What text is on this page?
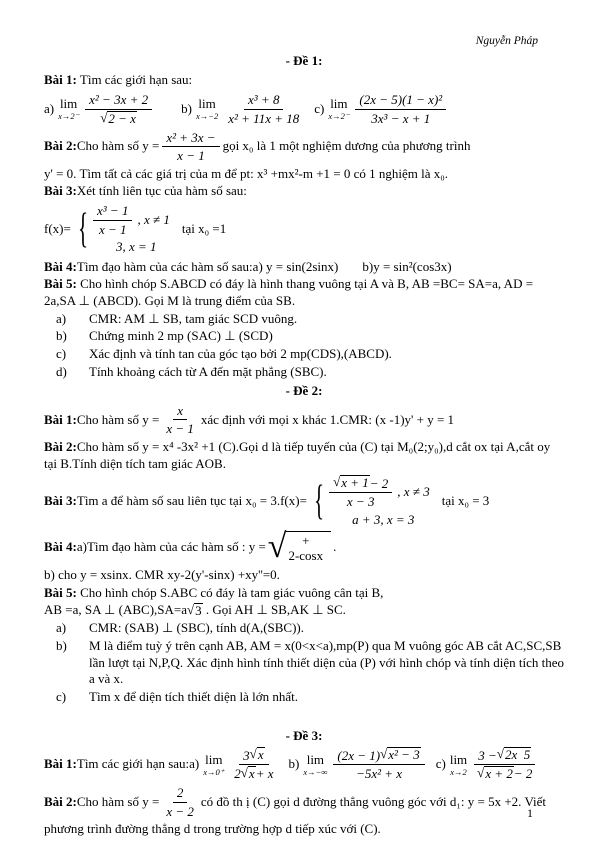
Nguyễn Pháp
- Đề 1:
Bài 1: Tìm các giới hạn sau:
a) lim
$x\to 2^- \frac{\text{x² − 3x + 2}}{√ 2 - x} b$) lim
$x\to-2 \frac{\text{x³ + 8}}{\text{x² + 11x + 18}} c$) lim
$x\to 2^- \frac{\text{(2x − 5)(1 − x)²}}{\text{3x³ − x + 1}}$
Bài 2: Cho hàm số $y = \frac{\text{x² + 3x −}}{x - 1}$ gọi x₀ là 1 một nghiệm dương của phương trình
y' = 0. Tìm tất cả các giá trị của m để pt: x³ +mx²-m +1 = 0 có 1 nghiệm là x₀.
Bài 3:Xét tính liên tục của hàm số sau:
f(x)= { $\frac{\text{x³ − 1}}{x - 1}$ , x ≠ 1
3, x = 1
tại x₀ =1
Bài 4:Tìm đạo hàm của các hàm số sau:a) y = sin(2sinx) b)y = sin²(cos3x)
Bài 5: Cho hình chóp S.ABCD có đáy là hình thang vuông tại A và B, AB =BC= SA=a, AD = 2a,SA ⊥ (ABCD). Gọi M là trung điểm của SB.
a)	CMR: AM ⊥ SB, tam giác SCD vuông.
b)	Chứng minh 2 mp (SAC) ⊥ (SCD)
c)	Xác định và tính tan của góc tạo bởi 2 mp(CDS),(ABCD).
d)	Tính khoảng cách từ A đến mặt phẳng (SBC).
- Đề 2:
Bài 1: Cho hàm số $y = \frac{x}{x - 1}$ xác định với mọi x khác 1.CMR: (x -1)y' + y = 1
Bài 2:Cho hàm số y = x⁴ -3x² +1 (C).Gọi d là tiếp tuyến của (C) tại M₀(2;y₀),d cắt ox tại A,cắt oy tại B.Tính diện tích tam giác AOB.
Bài 3: Tìm a để hàm số sau liên tục tại x₀ = 3.f(x)= { $\frac{√ x + 1 - 2}{x - 3}$ , x ≠ 3
a + 3, x = 3
tại x₀ = 3
Bài 4: a)Tìm đạo hàm của các hàm số : y = √ +
2-cosx
.
b) cho y = xsinx. CMR xy-2(y'-sinx) +xy''=0.
Bài 5: Cho hình chóp S.ABC có đáy là tam giác vuông cân tại B,
AB =a, SA ⊥ (ABC),SA=a √ 3 . Gọi AH ⊥ SB,AK ⊥ SC.
a)	CMR: (SAB) ⊥ (SBC), tính d(A,(SBC)).
b)	M là điểm tuỳ ý trên cạnh AB, AM = x(0<x<a),mp(P) qua M vuông góc AB cắt AC,SC,SB lần lượt tại N,P,Q. Xác định hình tính thiết diện của (P) với hình chóp và tính diện tích theo a và x.
c)	Tìm x để diện tích thiết diện là lớn nhất.
- Đề 3:
Bài 1: Tìm các giới hạn sau:a) lim
$x\to 0^+ \frac{3 √ x}{2 √ x + x} b$) lim
$x\to-\infty \frac{\text{(2x − 1) √ x² − 3}}{\text{−5x² + x}} c$) lim
$x\to 2 \frac{3 - √ 2x 5}{√ x + 2 - 2}$
Bài 2: Cho hàm số $y = \frac{2}{x - 2}$ có đồ th ị (C) gọi d đường thẳng vuông góc với d₁: y = 5x +2. Viết
phương trình đường thẳng d trong trường hợp d tiếp xúc với (C).
1
